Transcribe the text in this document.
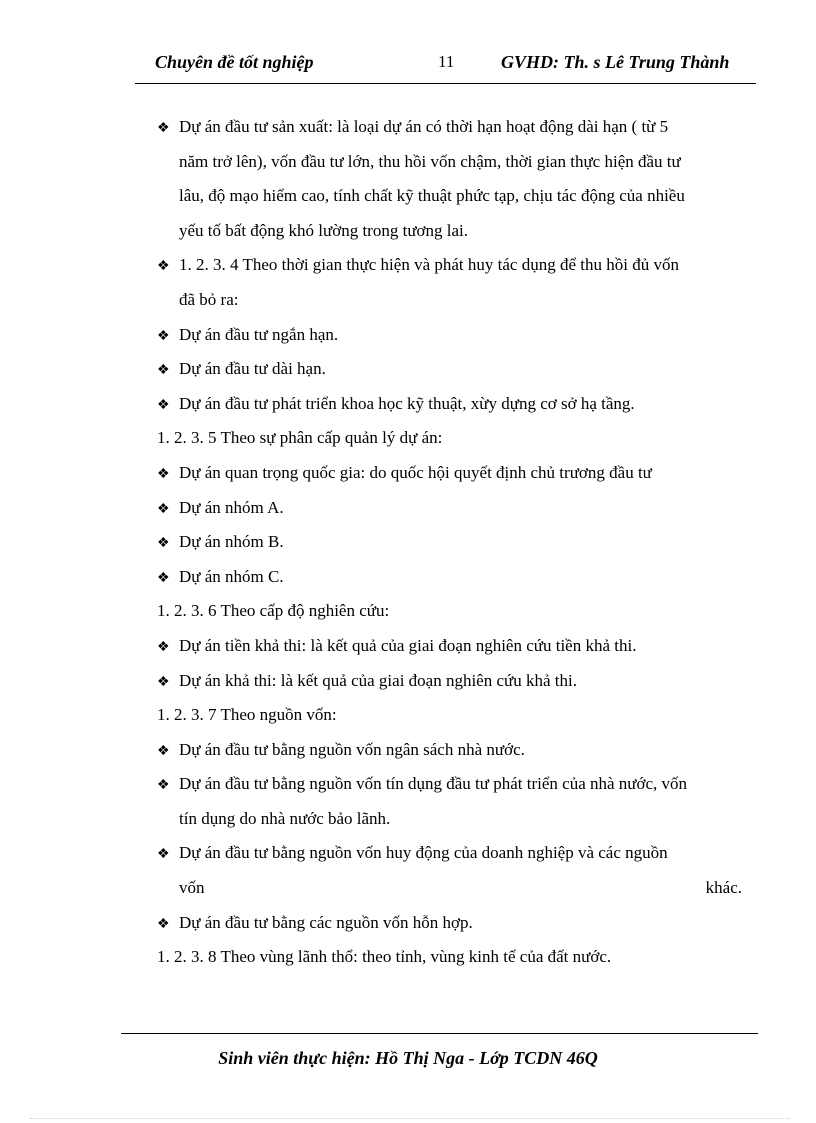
Chuyên đề tốt nghiệp	11	GVHD: Th. s Lê Trung Thành
❖ Dự án đầu tư sản xuất: là loại dự án có thời hạn hoạt động dài hạn ( từ 5
năm trở lên), vốn đầu tư lớn, thu hồi vốn chậm, thời gian thực hiện đầu tư
lâu, độ mạo hiểm cao, tính chất kỹ thuật phức tạp, chịu tác động của nhiều
yếu tố bất động khó lường trong tương lai.
❖ 1. 2. 3. 4 Theo thời gian thực hiện và phát huy tác dụng để thu hồi đủ vốn
đã bỏ ra:
❖ Dự án đầu tư ngắn hạn.
❖ Dự án đầu tư dài hạn.
❖ Dự án đầu tư phát triển khoa học kỹ thuật, xừy dựng cơ sở hạ tầng.
1. 2. 3. 5 Theo sự phân cấp quản lý dự án:
❖ Dự án quan trọng quốc gia: do quốc hội quyết định chủ trương đầu tư
❖ Dự án nhóm A.
❖ Dự án nhóm B.
❖ Dự án nhóm C.
1. 2. 3. 6 Theo cấp độ nghiên cứu:
❖ Dự án tiền khả thi: là kết quả của giai đoạn nghiên cứu tiền khả thi.
❖ Dự án khả thi: là kết quả của giai đoạn nghiên cứu khả thi.
1. 2. 3. 7 Theo nguồn vốn:
❖ Dự án đầu tư bằng nguồn vốn ngân sách nhà nước.
❖ Dự án đầu tư bằng nguồn vốn tín dụng đầu tư phát triển của nhà nước, vốn
tín dụng do nhà nước bảo lãnh.
❖ Dự án đầu tư bằng nguồn vốn huy động của doanh nghiệp và các nguồn
vốn	khác.
❖ Dự án đầu tư bằng các nguồn vốn hỗn hợp.
1. 2. 3. 8 Theo vùng lãnh thổ: theo tỉnh, vùng kinh tế của đất nước.
Sinh viên thực hiện: Hồ Thị Nga - Lớp TCDN 46Q
